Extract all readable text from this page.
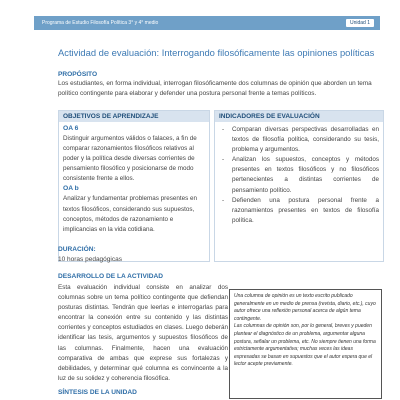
Programa de Estudio Filosofía Política 3° y 4° medio	Unidad 1
Actividad de evaluación: Interrogando filosóficamente las opiniones políticas
PROPÓSITO
Los estudiantes, en forma individual, interrogan filosóficamente dos columnas de opinión que aborden un tema político contingente para elaborar y defender una postura personal frente a temas políticos.
OBJETIVOS DE APRENDIZAJE
OA 6
Distinguir argumentos válidos o falaces, a fin de comparar razonamientos filosóficos relativos al poder y la política desde diversas corrientes de pensamiento filosófico y posicionarse de modo consistente frente a ellos.
OA b
Analizar y fundamentar problemas presentes en textos filosóficos, considerando sus supuestos, conceptos, métodos de razonamiento e implicancias en la vida cotidiana.
INDICADORES DE EVALUACIÓN
- Comparan diversas perspectivas desarrolladas en textos de filosofía política, considerando su tesis, problema y argumentos.
- Analizan los supuestos, conceptos y métodos presentes en textos filosóficos y no filosóficos pertenecientes a distintas corrientes de pensamiento político.
- Defienden una postura personal frente a razonamientos presentes en textos de filosofía política.
DURACIÓN:
10 horas pedagógicas
DESARROLLO DE LA ACTIVIDAD
Esta evaluación individual consiste en analizar dos columnas sobre un tema político contingente que defiendan posturas distintas. Tendrán que leerlas e interrogarlas para encontrar la conexión entre su contenido y las distintas corrientes y conceptos estudiados en clases. Luego deberán identificar las tesis, argumentos y supuestos filosóficos de las columnas. Finalmente, hacen una evaluación comparativa de ambas que exprese sus fortalezas y debilidades, y determinar qué columna es convincente a la luz de su solidez y coherencia filosófica.

Una columna de opinión es un texto escrito publicado generalmente en un medio de prensa (revista, diario, etc.), cuyo autor ofrece una reflexión personal acerca de algún tema contingente.

Las columnas de opinión son, por lo general, breves y pueden plantear el diagnóstico de un problema, argumentar alguna postura, señalar un problema, etc. No siempre tienen una forma estrictamente argumentativa; muchas veces las ideas expresadas se basan en supuestos que el autor espera que el lector acepte previamente.

SÍNTESIS DE LA UNIDAD
